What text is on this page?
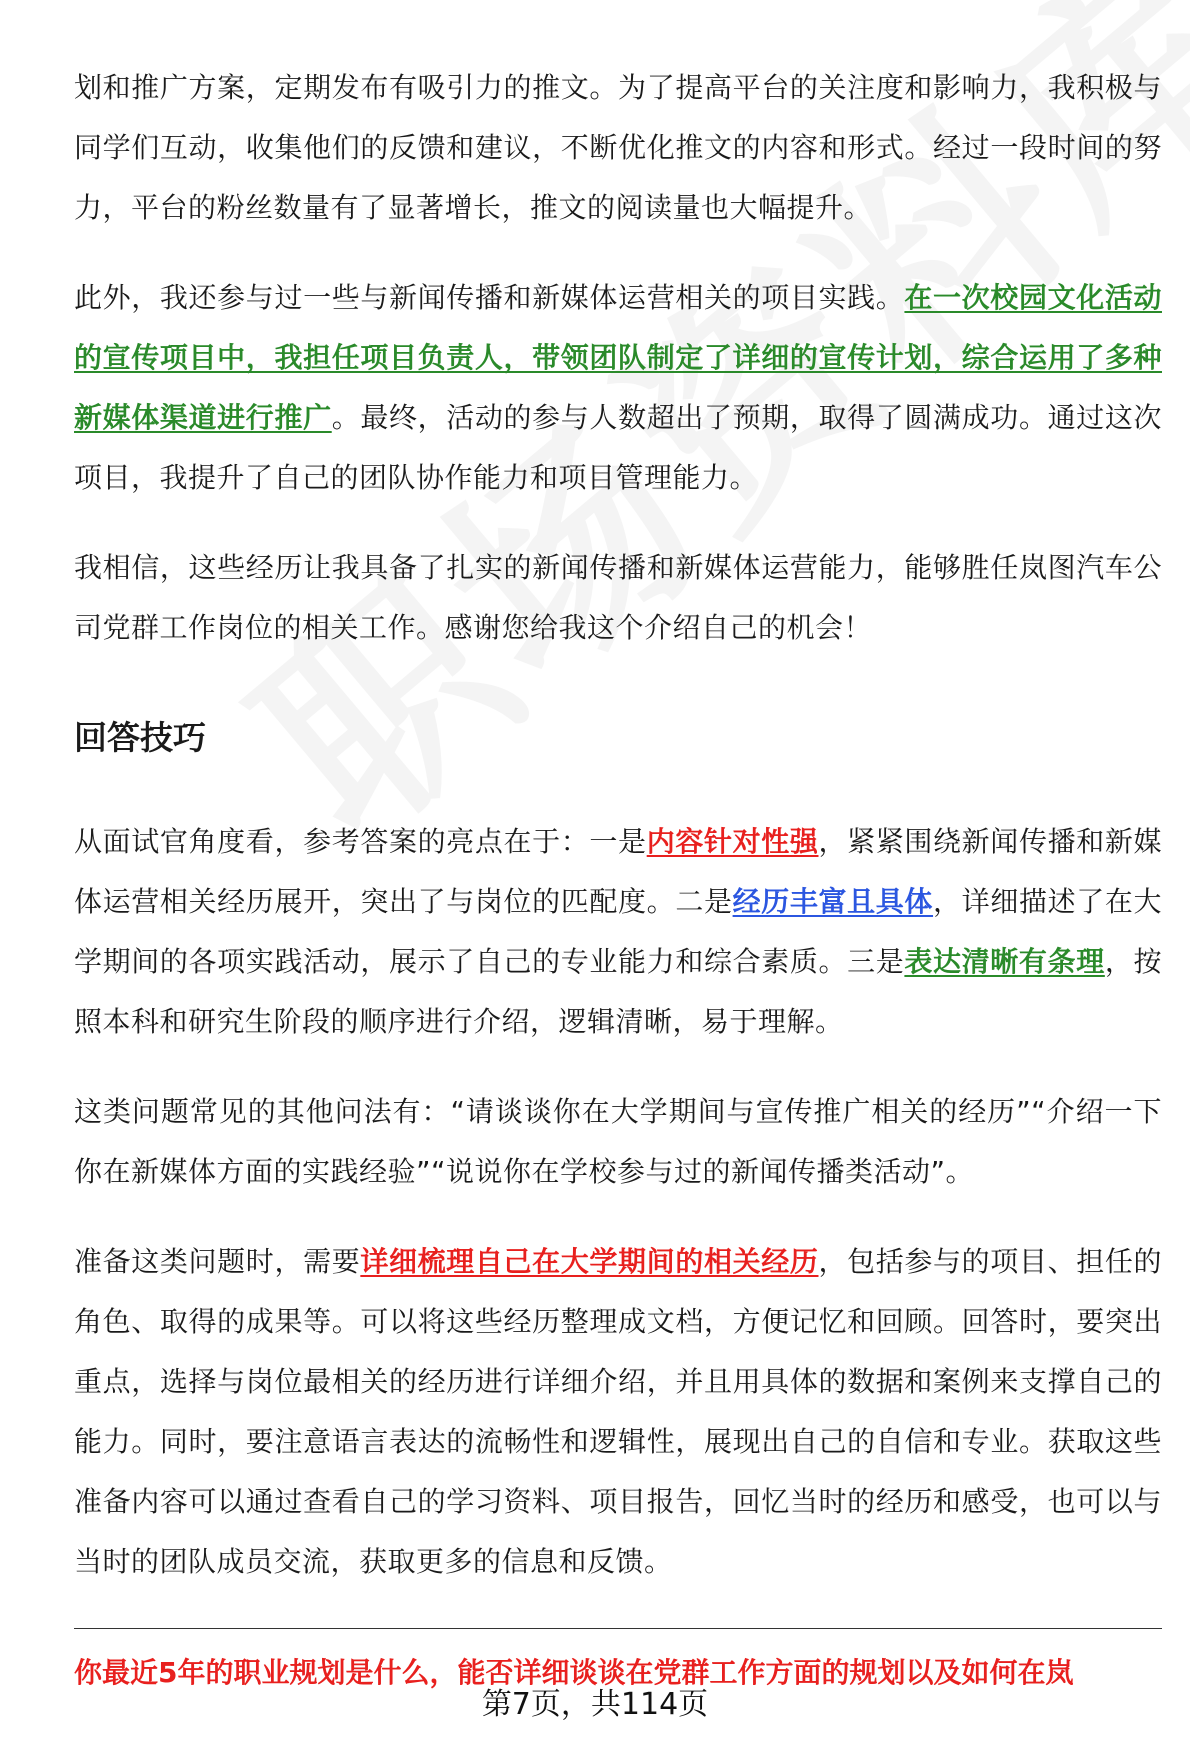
划和推广方案，定期发布有吸引力的推文。为了提高平台的关注度和影响力，我积极与同学们互动，收集他们的反馈和建议，不断优化推文的内容和形式。经过一段时间的努力，平台的粉丝数量有了显著增长，推文的阅读量也大幅提升。

此外，我还参与过一些与新闻传播和新媒体运营相关的项目实践。在一次校园文化活动的宣传项目中，我担任项目负责人，带领团队制定了详细的宣传计划，综合运用了多种新媒体渠道进行推广。最终，活动的参与人数超出了预期，取得了圆满成功。通过这次项目，我提升了自己的团队协作能力和项目管理能力。

我相信，这些经历让我具备了扎实的新闻传播和新媒体运营能力，能够胜任岚图汽车公司党群工作岗位的相关工作。感谢您给我这个介绍自己的机会！

回答技巧

从面试官角度看，参考答案的亮点在于：一是内容针对性强，紧紧围绕新闻传播和新媒体运营相关经历展开，突出了与岗位的匹配度。二是经历丰富且具体，详细描述了在大学期间的各项实践活动，展示了自己的专业能力和综合素质。三是表达清晰有条理，按照本科和研究生阶段的顺序进行介绍，逻辑清晰，易于理解。

这类问题常见的其他问法有：“请谈谈你在大学期间与宣传推广相关的经历”“介绍一下你在新媒体方面的实践经验”“说说你在学校参与过的新闻传播类活动”。

准备这类问题时，需要详细梳理自己在大学期间的相关经历，包括参与的项目、担任的角色、取得的成果等。可以将这些经历整理成文档，方便记忆和回顾。回答时，要突出重点，选择与岗位最相关的经历进行详细介绍，并且用具体的数据和案例来支撑自己的能力。同时，要注意语言表达的流畅性和逻辑性，展现出自己的自信和专业。获取这些准备内容可以通过查看自己的学习资料、项目报告，回忆当时的经历和感受，也可以与当时的团队成员交流，获取更多的信息和反馈。

你最近5年的职业规划是什么，能否详细谈谈在党群工作方面的规划以及如何在岚
第7页，共114页
